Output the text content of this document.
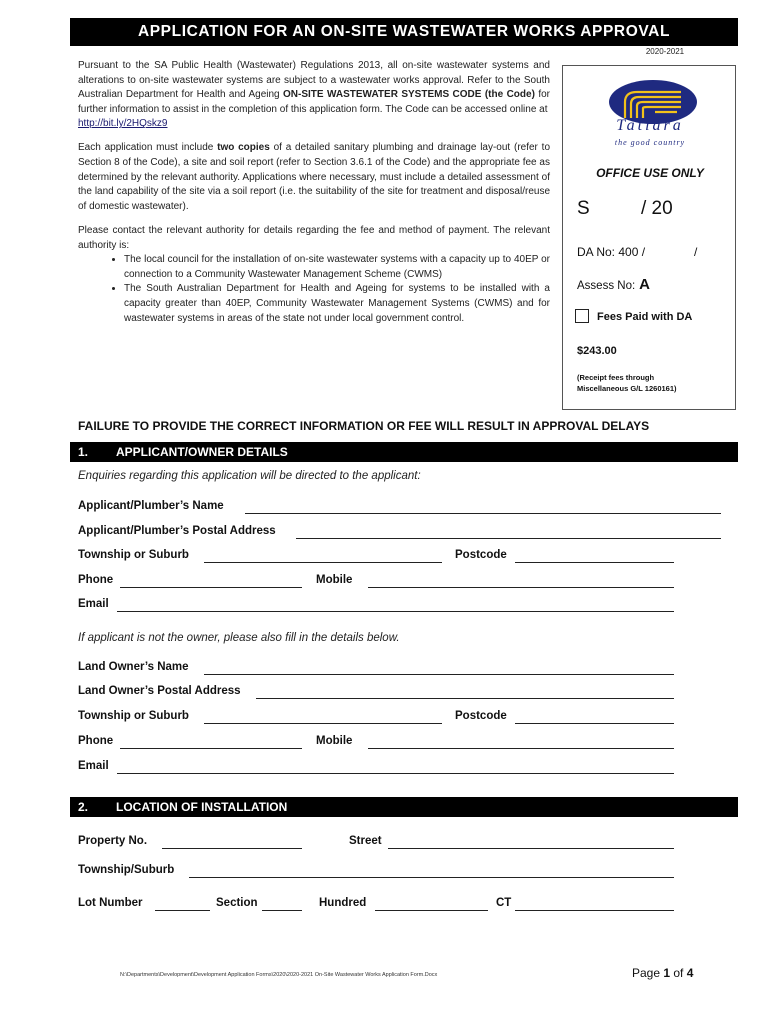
APPLICATION FOR AN ON-SITE WASTEWATER WORKS APPROVAL
2020-2021

Pursuant to the SA Public Health (Wastewater) Regulations 2013, all on-site wastewater systems and alterations to on-site wastewater systems are subject to a wastewater works approval. Refer to the South Australian Department for Health and Ageing ON-SITE WASTEWATER SYSTEMS CODE (the Code) for further information to assist in the completion of this application form. The Code can be accessed online at
http://bit.ly/2HQskz9

Each application must include two copies of a detailed sanitary plumbing and drainage lay-out (refer to Section 8 of the Code), a site and soil report (refer to Section 3.6.1 of the Code) and the appropriate fee as determined by the relevant authority. Applications where necessary, must include a detailed assessment of the land capability of the site via a soil report (i.e. the suitability of the site for treatment and disposal/reuse of domestic wastewater).

Please contact the relevant authority for details regarding the fee and method of payment. The relevant authority is:

• The local council for the installation of on-site wastewater systems with a capacity up to 40EP or connection to a Community Wastewater Management Scheme (CWMS)
• The South Australian Department for Health and Ageing for systems to be installed with a capacity greater than 40EP, Community Wastewater Management Systems (CWMS) and for wastewater systems in areas of the state not under local government control.
Tatiara
the good country
OFFICE USE ONLY
S	/ 20
DA No: 400 /	/
Assess No: A
Fees Paid with DA
$243.00
(Receipt fees through
Miscellaneous G/L 1260161)
FAILURE TO PROVIDE THE CORRECT INFORMATION OR FEE WILL RESULT IN APPROVAL DELAYS
1. APPLICANT/OWNER DETAILS
Enquiries regarding this application will be directed to the applicant:
Applicant/Plumber’s Name
Applicant/Plumber’s Postal Address
Township or Suburb	Postcode
Phone	Mobile
Email
If applicant is not the owner, please also fill in the details below.
Land Owner’s Name
Land Owner’s Postal Address
Township or Suburb	Postcode
Phone	Mobile
Email
2. LOCATION OF INSTALLATION
Property No.	Street
Township/Suburb
Lot Number	Section	Hundred	CT
N:\Departments\Development\Development Application Forms\2020\2020-2021 On-Site Wastewater Works Application Form.Docx	Page 1 of 4
